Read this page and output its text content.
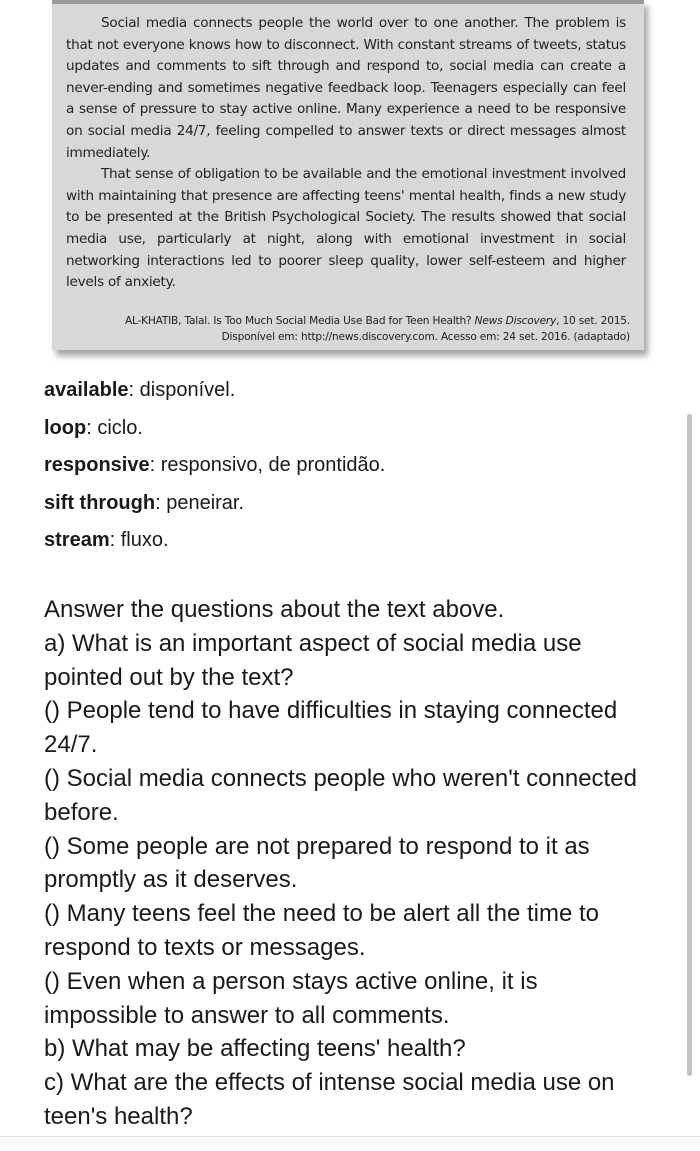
Social media connects people the world over to one another. The problem is that not everyone knows how to disconnect. With constant streams of tweets, status updates and comments to sift through and respond to, social media can create a never-ending and sometimes negative feedback loop. Teenagers especially can feel a sense of pressure to stay active online. Many experience a need to be responsive on social media 24/7, feeling compelled to answer texts or direct messages almost immediately.

That sense of obligation to be available and the emotional investment involved with maintaining that presence are affecting teens' mental health, finds a new study to be presented at the British Psychological Society. The results showed that social media use, particularly at night, along with emotional investment in social networking interactions led to poorer sleep quality, lower self-esteem and higher levels of anxiety.

AL-KHATIB, Talal. Is Too Much Social Media Use Bad for Teen Health? News Discovery, 10 set. 2015.
Disponível em: http://news.discovery.com. Acesso em: 24 set. 2016. (adaptado)
available: disponível.
loop: ciclo.
responsive: responsivo, de prontidão.
sift through: peneirar.
stream: fluxo.
Answer the questions about the text above.
a) What is an important aspect of social media use pointed out by the text?
() People tend to have difficulties in staying connected 24/7.
() Social media connects people who weren't connected before.
() Some people are not prepared to respond to it as promptly as it deserves.
() Many teens feel the need to be alert all the time to respond to texts or messages.
() Even when a person stays active online, it is impossible to answer to all comments.
b) What may be affecting teens' health?
c) What are the effects of intense social media use on teen's health?
